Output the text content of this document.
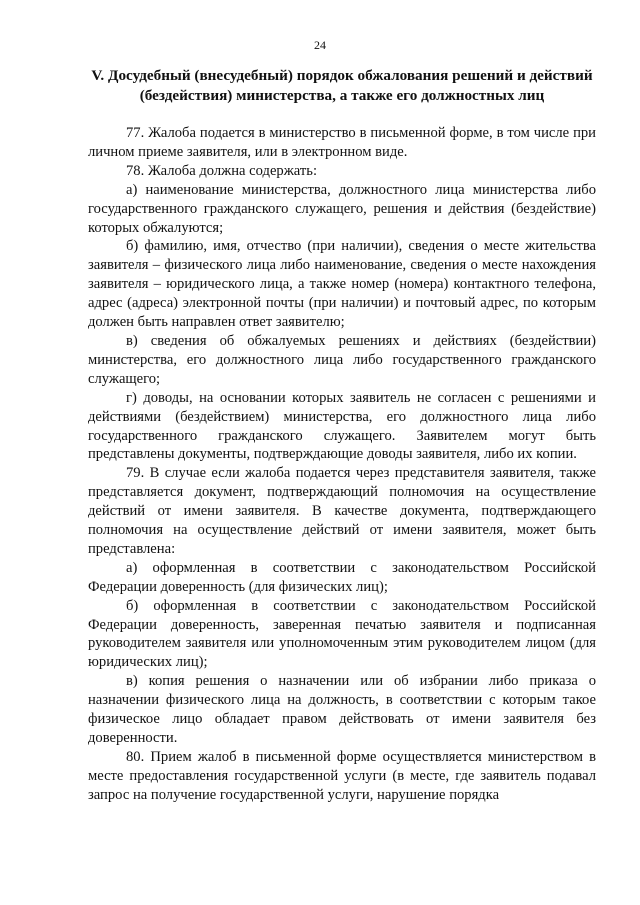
24
V. Досудебный (внесудебный) порядок обжалования решений и действий (бездействия) министерства, а также его должностных лиц

77. Жалоба подается в министерство в письменной форме, в том числе при личном приеме заявителя, или в электронном виде.

78. Жалоба должна содержать:

а) наименование министерства, должностного лица министерства либо государственного гражданского служащего, решения и действия (бездействие) которых обжалуются;

б) фамилию, имя, отчество (при наличии), сведения о месте жительства заявителя – физического лица либо наименование, сведения о месте нахождения заявителя – юридического лица, а также номер (номера) контактного телефона, адрес (адреса) электронной почты (при наличии) и почтовый адрес, по которым должен быть направлен ответ заявителю;

в) сведения об обжалуемых решениях и действиях (бездействии) министерства, его должностного лица либо государственного гражданского служащего;

г) доводы, на основании которых заявитель не согласен с решениями и действиями (бездействием) министерства, его должностного лица либо государственного гражданского служащего. Заявителем могут быть представлены документы, подтверждающие доводы заявителя, либо их копии.

79. В случае если жалоба подается через представителя заявителя, также представляется документ, подтверждающий полномочия на осуществление действий от имени заявителя. В качестве документа, подтверждающего полномочия на осуществление действий от имени заявителя, может быть представлена:

а) оформленная в соответствии с законодательством Российской Федерации доверенность (для физических лиц);

б) оформленная в соответствии с законодательством Российской Федерации доверенность, заверенная печатью заявителя и подписанная руководителем заявителя или уполномоченным этим руководителем лицом (для юридических лиц);

в) копия решения о назначении или об избрании либо приказа о назначении физического лица на должность, в соответствии с которым такое физическое лицо обладает правом действовать от имени заявителя без доверенности.

80. Прием жалоб в письменной форме осуществляется министерством в месте предоставления государственной услуги (в месте, где заявитель подавал запрос на получение государственной услуги, нарушение порядка
